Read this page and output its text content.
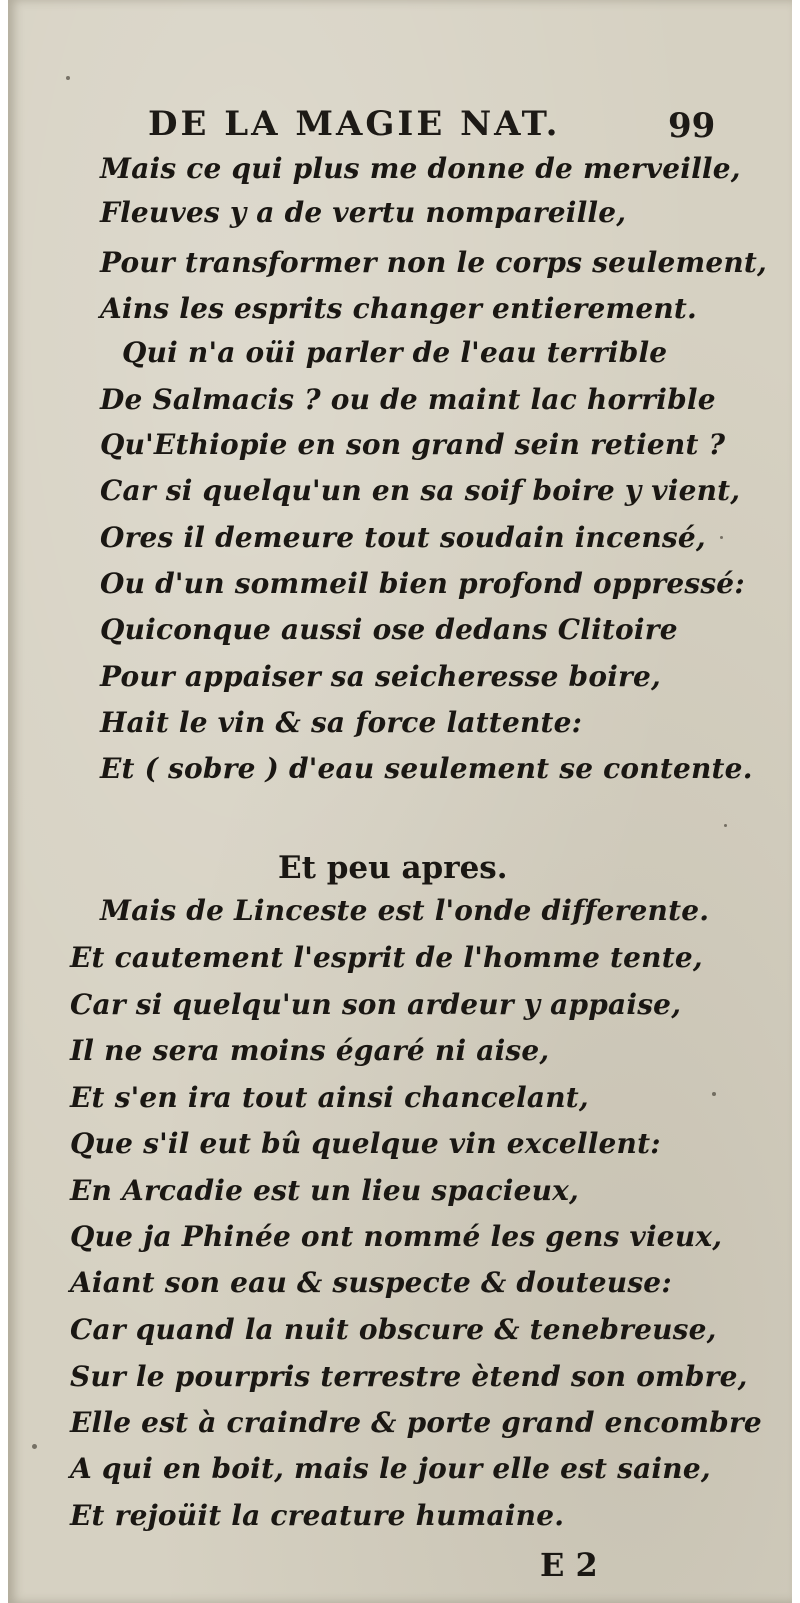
DE LA MAGIE NAT.	99
Mais ce qui plus me donne de merveille,
Fleuves y a de vertu nompareille,
Pour transformer non le corps seulement,
Ains les esprits changer entierement.
Qui n'a oüi parler de l'eau terrible
De Salmacis ? ou de maint lac horrible
Qu'Ethiopie en son grand sein retient ?
Car si quelqu'un en sa soif boire y vient,
Ores il demeure tout soudain incensé,
Ou d'un sommeil bien profond oppressé:
Quiconque aussi ose dedans Clitoire
Pour appaiser sa seicheresse boire,
Hait le vin & sa force lattente:
Et ( sobre ) d'eau seulement se contente.
Et peu apres.
Mais de Linceste est l'onde differente.
Et cautement l'esprit de l'homme tente,
Car si quelqu'un son ardeur y appaise,
Il ne sera moins égaré ni aise,
Et s'en ira tout ainsi chancelant,
Que s'il eut bû quelque vin excellent:
En Arcadie est un lieu spacieux,
Que ja Phinée ont nommé les gens vieux,
Aiant son eau & suspecte & douteuse:
Car quand la nuit obscure & tenebreuse,
Sur le pourpris terrestre ètend son ombre,
Elle est à craindre & porte grand encombre
A qui en boit, mais le jour elle est saine,
Et rejoüit la creature humaine.
E 2
